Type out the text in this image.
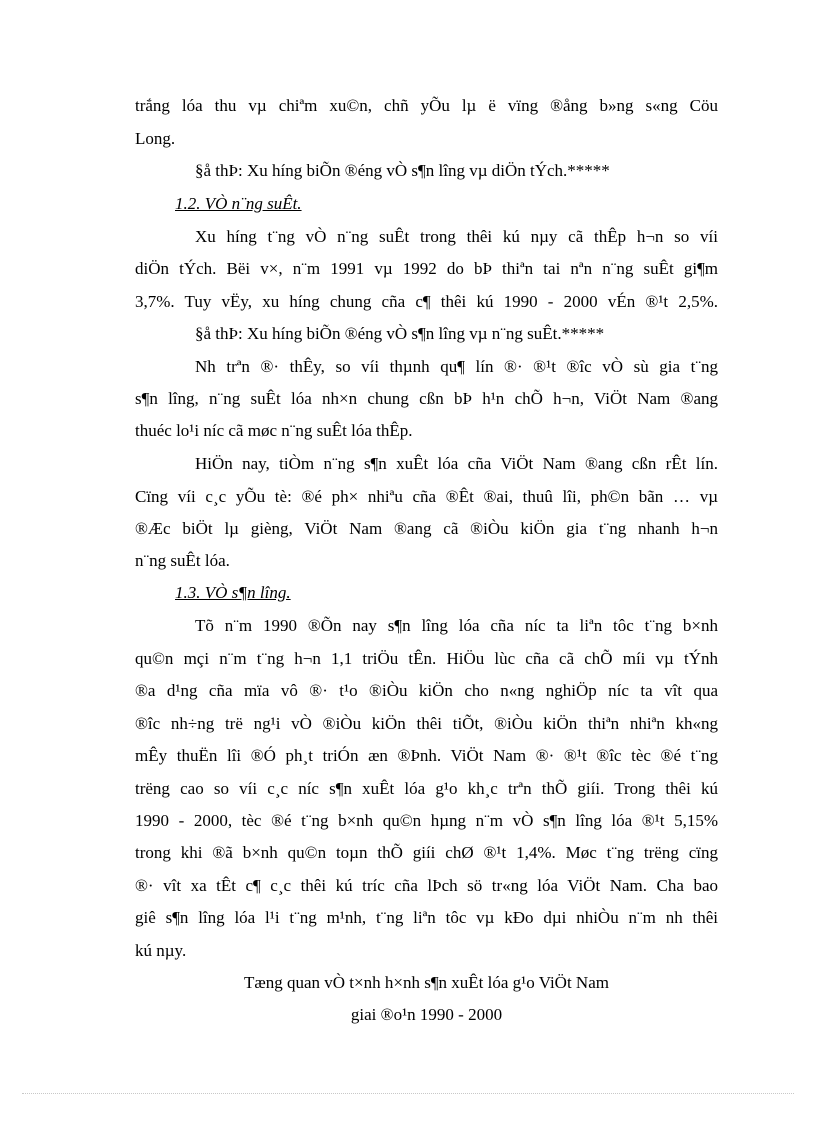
trắng lóa thu vµ chiªm xu©n, chñ yÕu lµ ë vïng ®ång b»ng s«ng Cöu
Long.
§å thÞ: Xu híng biÕn ®éng vÒ s¶n lîng vµ diÖn tÝch.*****
1.2. VÒ n¨ng suÊt.
Xu híng t¨ng vÒ n¨ng suÊt trong thêi kú nµy cã thÊp h¬n so víi
diÖn tÝch. Bëi v×, n¨m 1991 vµ 1992 do bÞ thiªn tai nªn n¨ng suÊt gi¶m
3,7%. Tuy vËy, xu híng chung cña c¶ thêi kú 1990 - 2000 vÉn ®¹t 2,5%.
§å thÞ: Xu híng biÕn ®éng vÒ s¶n lîng vµ n¨ng suÊt.*****
Nh trªn ®· thÊy, so víi thµnh qu¶ lín ®· ®¹t ®îc vÒ sù gia t¨ng
s¶n lîng, n¨ng suÊt lóa nh×n chung cßn bÞ h¹n chÕ h¬n, ViÖt Nam ®ang
thuéc lo¹i níc cã møc n¨ng suÊt lóa thÊp.
HiÖn nay, tiÒm n¨ng s¶n xuÊt lóa cña ViÖt Nam ®ang cßn rÊt lín.
Cïng víi c¸c yÕu tè: ®é ph× nhiªu cña ®Êt ®ai, thuû lîi, ph©n bãn … vµ
®Æc biÖt lµ gièng, ViÖt Nam ®ang cã ®iÒu kiÖn gia t¨ng nhanh h¬n
n¨ng suÊt lóa.
1.3. VÒ s¶n lîng.
Tõ n¨m 1990 ®Õn nay s¶n lîng lóa cña níc ta liªn tôc t¨ng b×nh
qu©n mçi n¨m t¨ng h¬n 1,1 triÖu tÊn. HiÖu lùc cña cã chÕ míi vµ tÝnh
®a d¹ng cña mïa vô ®· t¹o ®iÒu kiÖn cho n«ng nghiÖp níc ta vît qua
®îc nh÷ng trë ng¹i vÒ ®iÒu kiÖn thêi tiÕt, ®iÒu kiÖn thiªn nhiªn kh«ng
mÊy thuËn lîi ®Ó ph¸t triÓn æn ®Þnh. ViÖt Nam ®· ®¹t ®îc tèc ®é t¨ng
trëng cao so víi c¸c níc s¶n xuÊt lóa g¹o kh¸c trªn thÕ giíi. Trong thêi kú
1990 - 2000, tèc ®é t¨ng b×nh qu©n hµng n¨m vÒ s¶n lîng lóa ®¹t 5,15%
trong khi ®ã b×nh qu©n toµn thÕ giíi chØ ®¹t 1,4%. Møc t¨ng trëng cïng
®· vît xa tÊt c¶ c¸c thêi kú tríc cña lÞch sö tr«ng lóa ViÖt Nam. Cha bao
giê s¶n lîng lóa l¹i t¨ng m¹nh, t¨ng liªn tôc vµ kÐo dµi nhiÒu n¨m nh thêi
kú nµy.
Tæng quan vÒ t×nh h×nh s¶n xuÊt lóa g¹o ViÖt Nam
giai ®o¹n 1990 - 2000
